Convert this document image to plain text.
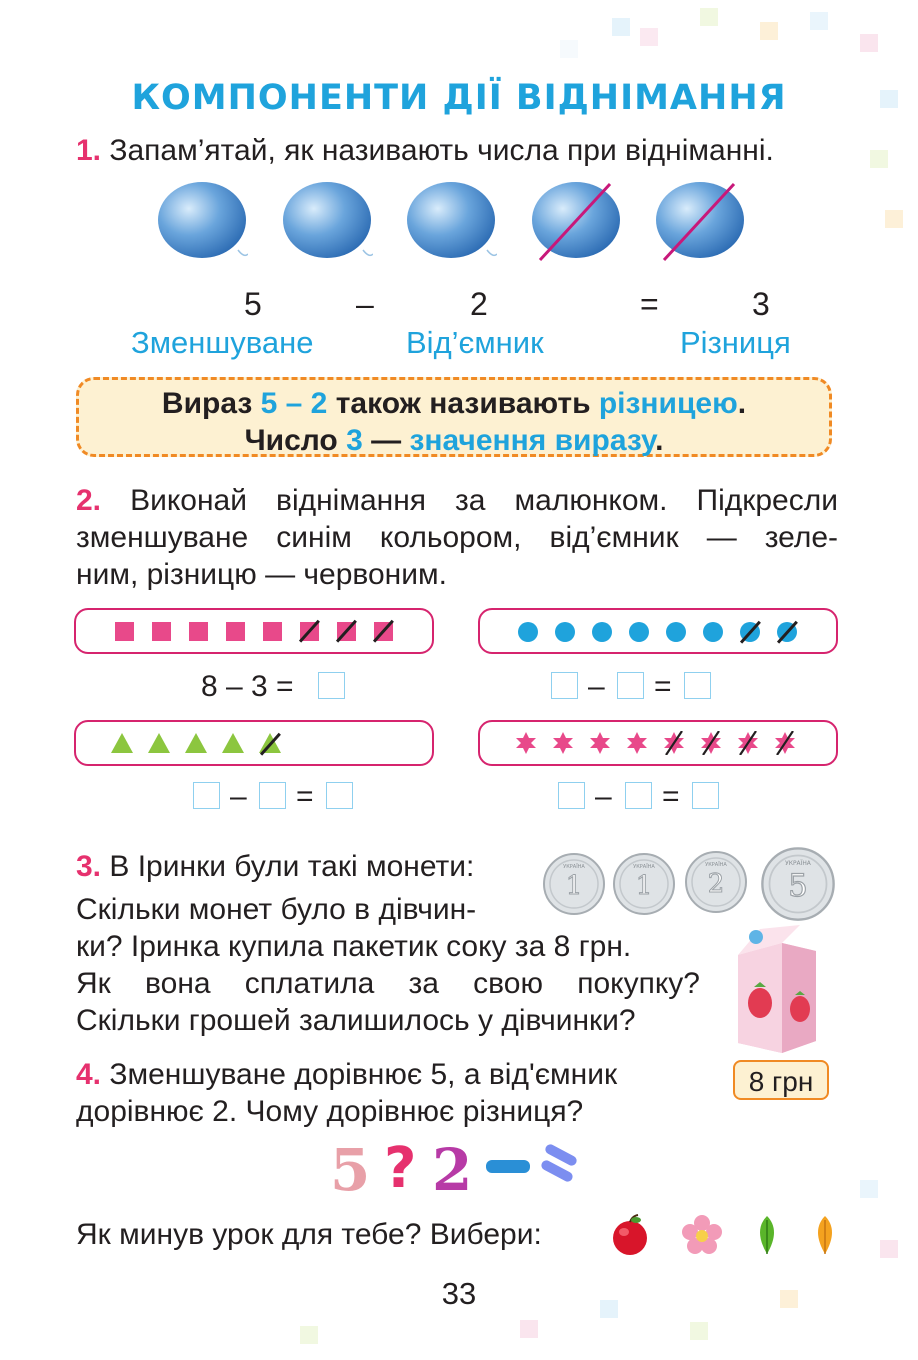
КОМПОНЕНТИ ДІЇ ВІДНІМАННЯ
1. Запам’ятай, як називають числа при відніманні.
5	–	2	=	3
Зменшуване	Від’ємник	Різниця
Вираз 5 – 2 також називають різницею.
Число 3 — значення виразу.
2. Виконай віднімання за малюнком. Підкресли
зменшуване синім кольором, від’ємник — зеле-
ним, різницю — червоним.
8 – 3 =	– =
– =	– =
3. В Іринки були такі монети:
Скільки монет було в дівчин-
ки? Іринка купила пакетик соку за 8 грн.
Як вона сплатила за свою покупку?
Скільки грошей залишилось у дівчинки?
УКРАЇНА
1
УКРАЇНА
1
УКРАЇНА
2
УКРАЇНА
5
8 грн
4. Зменшуване дорівнює 5, а від'ємник
дорівнює 2. Чому дорівнює різниця?
5 ? 2
Як минув урок для тебе? Вибери:
33
